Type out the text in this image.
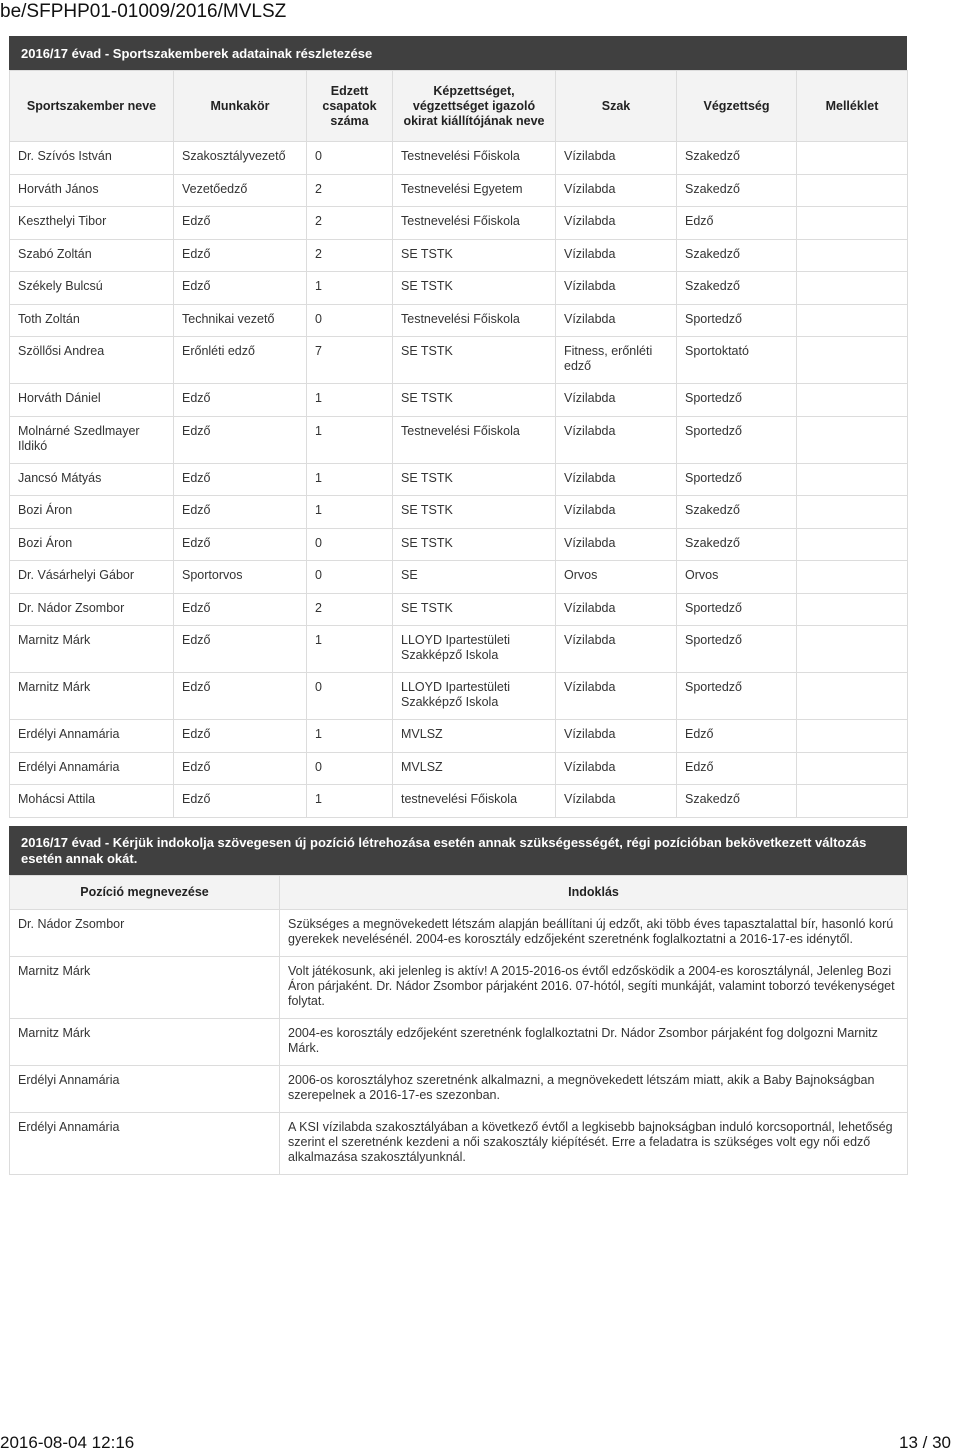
be/SFPHP01-01009/2016/MVLSZ
2016/17 évad - Sportszakemberek adatainak részletezése
Sportszakember neve	Munkakör	Edzett csapatok száma	Képzettséget, végzettséget igazoló okirat kiállítójának neve	Szak	Végzettség	Melléklet
Dr. Szívós István	Szakosztályvezető	0	Testnevelési Főiskola	Vízilabda	Szakedző	
Horváth János	Vezetőedző	2	Testnevelési Egyetem	Vízilabda	Szakedző	
Keszthelyi Tibor	Edző	2	Testnevelési Főiskola	Vízilabda	Edző	
Szabó Zoltán	Edző	2	SE TSTK	Vízilabda	Szakedző	
Székely Bulcsú	Edző	1	SE TSTK	Vízilabda	Szakedző	
Toth Zoltán	Technikai vezető	0	Testnevelési Főiskola	Vízilabda	Sportedző	
Szöllősi Andrea	Erőnléti edző	7	SE TSTK	Fitness, erőnléti edző	Sportoktató	
Horváth Dániel	Edző	1	SE TSTK	Vízilabda	Sportedző	
Molnárné Szedlmayer Ildikó	Edző	1	Testnevelési Főiskola	Vízilabda	Sportedző	
Jancsó Mátyás	Edző	1	SE TSTK	Vízilabda	Sportedző	
Bozi Áron	Edző	1	SE TSTK	Vízilabda	Szakedző	
Bozi Áron	Edző	0	SE TSTK	Vízilabda	Szakedző	
Dr. Vásárhelyi Gábor	Sportorvos	0	SE	Orvos	Orvos	
Dr. Nádor Zsombor	Edző	2	SE TSTK	Vízilabda	Sportedző	
Marnitz Márk	Edző	1	LLOYD Ipartestületi Szakképző Iskola	Vízilabda	Sportedző	
Marnitz Márk	Edző	0	LLOYD Ipartestületi Szakképző Iskola	Vízilabda	Sportedző	
Erdélyi Annamária	Edző	1	MVLSZ	Vízilabda	Edző	
Erdélyi Annamária	Edző	0	MVLSZ	Vízilabda	Edző	
Mohácsi Attila	Edző	1	testnevelési Főiskola	Vízilabda	Szakedző	
2016/17 évad - Kérjük indokolja szövegesen új pozíció létrehozása esetén annak szükségességét, régi pozícióban bekövetkezett változás esetén annak okát.
Pozíció megnevezése	Indoklás
Dr. Nádor Zsombor	Szükséges a megnövekedett létszám alapján beállítani új edzőt, aki több éves tapasztalattal bír, hasonló korú gyerekek nevelésénél. 2004-es korosztály edzőjeként szeretnénk foglalkoztatni a 2016-17-es idénytől.
Marnitz Márk	Volt játékosunk, aki jelenleg is aktív! A 2015-2016-os évtől edzősködik a 2004-es korosztálynál, Jelenleg Bozi Áron párjaként. Dr. Nádor Zsombor párjaként 2016. 07-hótól, segíti munkáját, valamint toborzó tevékenységet folytat.
Marnitz Márk	2004-es korosztály edzőjeként szeretnénk foglalkoztatni Dr. Nádor Zsombor párjaként fog dolgozni Marnitz Márk.
Erdélyi Annamária	2006-os korosztályhoz szeretnénk alkalmazni, a megnövekedett létszám miatt, akik a Baby Bajnokságban szerepelnek a 2016-17-es szezonban.
Erdélyi Annamária	A KSI vízilabda szakosztályában a következő évtől a legkisebb bajnokságban induló korcsoportnál, lehetőség szerint el szeretnénk kezdeni a női szakosztály kiépítését. Erre a feladatra is szükséges volt egy női edző alkalmazása szakosztályunknál.
2016-08-04 12:16	13 / 30
